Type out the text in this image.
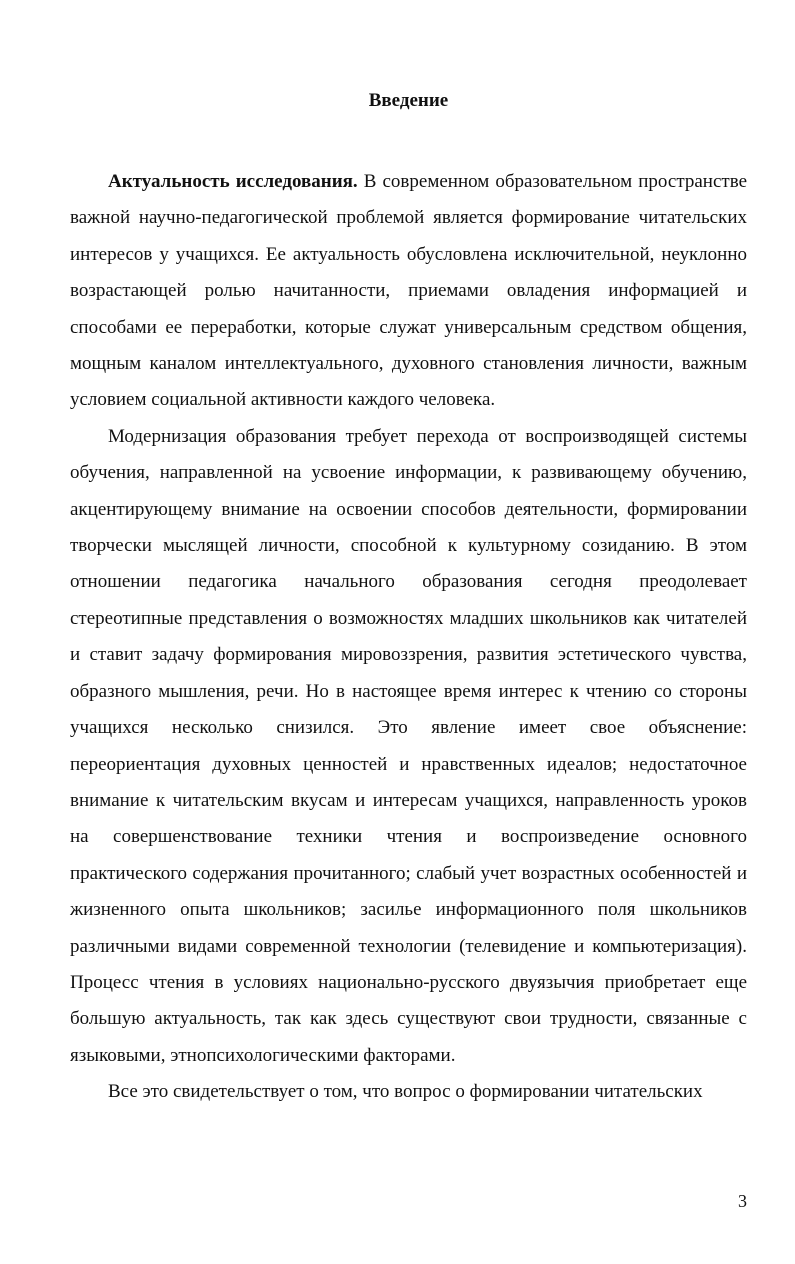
Введение

Актуальность исследования. В современном образовательном пространстве важной научно-педагогической проблемой является формирование читательских интересов у учащихся. Ее актуальность обусловлена исключительной, неуклонно возрастающей ролью начитанности, приемами овладения информацией и способами ее переработки, которые служат универсальным средством общения, мощным каналом интеллектуального, духовного становления личности, важным условием социальной активности каждого человека.

Модернизация образования требует перехода от воспроизводящей системы обучения, направленной на усвоение информации, к развивающему обучению, акцентирующему внимание на освоении способов деятельности, формировании творчески мыслящей личности, способной к культурному созиданию. В этом отношении педагогика начального образования сегодня преодолевает стереотипные представления о возможностях младших школьников как читателей и ставит задачу формирования мировоззрения, развития эстетического чувства, образного мышления, речи. Но в настоящее время интерес к чтению со стороны учащихся несколько снизился. Это явление имеет свое объяснение: переориентация духовных ценностей и нравственных идеалов; недостаточное внимание к читательским вкусам и интересам учащихся, направленность уроков на совершенствование техники чтения и воспроизведение основного практического содержания прочитанного; слабый учет возрастных особенностей и жизненного опыта школьников; засилье информационного поля школьников различными видами современной технологии (телевидение и компьютеризация). Процесс чтения в условиях национально-русского двуязычия приобретает еще большую актуальность, так как здесь существуют свои трудности, связанные с языковыми, этнопсихологическими факторами.

Все это свидетельствует о том, что вопрос о формировании читательских

3
